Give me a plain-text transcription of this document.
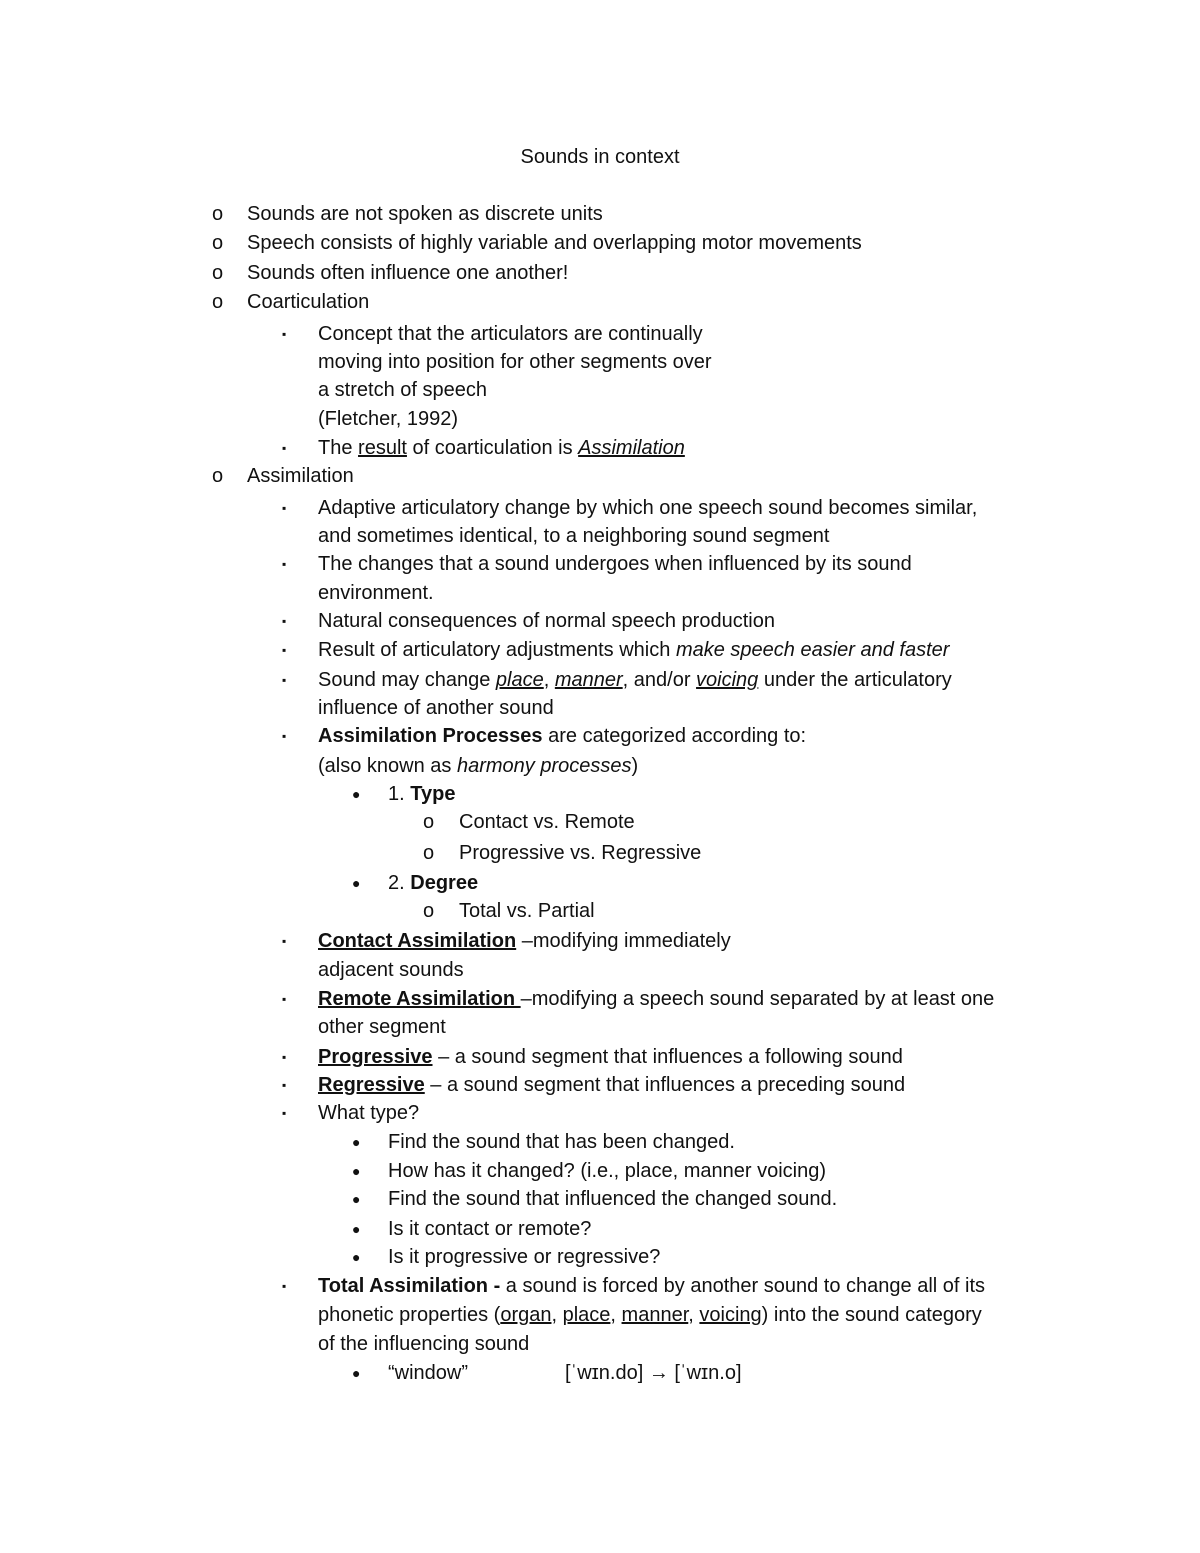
Sounds in context
o Sounds are not spoken as discrete units
o Speech consists of highly variable and overlapping motor movements
o Sounds often influence one another!
o Coarticulation
▪ Concept that the articulators are continually
moving into position for other segments over
a stretch of speech
(Fletcher, 1992)
▪ The result of coarticulation is Assimilation
o Assimilation
▪ Adaptive articulatory change by which one speech sound becomes similar,
and sometimes identical, to a neighboring sound segment
▪ The changes that a sound undergoes when influenced by its sound
environment.
▪ Natural consequences of normal speech production
▪ Result of articulatory adjustments which make speech easier and faster
▪ Sound may change place, manner, and/or voicing under the articulatory
influence of another sound
▪ Assimilation Processes are categorized according to:
(also known as harmony processes)
● 1. Type
o Contact vs. Remote
o Progressive vs. Regressive
● 2. Degree
o Total vs. Partial
▪ Contact Assimilation –modifying immediately
adjacent sounds
▪ Remote Assimilation –modifying a speech sound separated by at least one
other segment
▪ Progressive – a sound segment that influences a following sound
▪ Regressive – a sound segment that influences a preceding sound
▪ What type?
● Find the sound that has been changed.
● How has it changed? (i.e., place, manner voicing)
● Find the sound that influenced the changed sound.
● Is it contact or remote?
● Is it progressive or regressive?
▪ Total Assimilation - a sound is forced by another sound to change all of its
phonetic properties (organ, place, manner, voicing) into the sound category
of the influencing sound
● “window”	[ˈwɪn.do] → [ˈwɪn.o]
